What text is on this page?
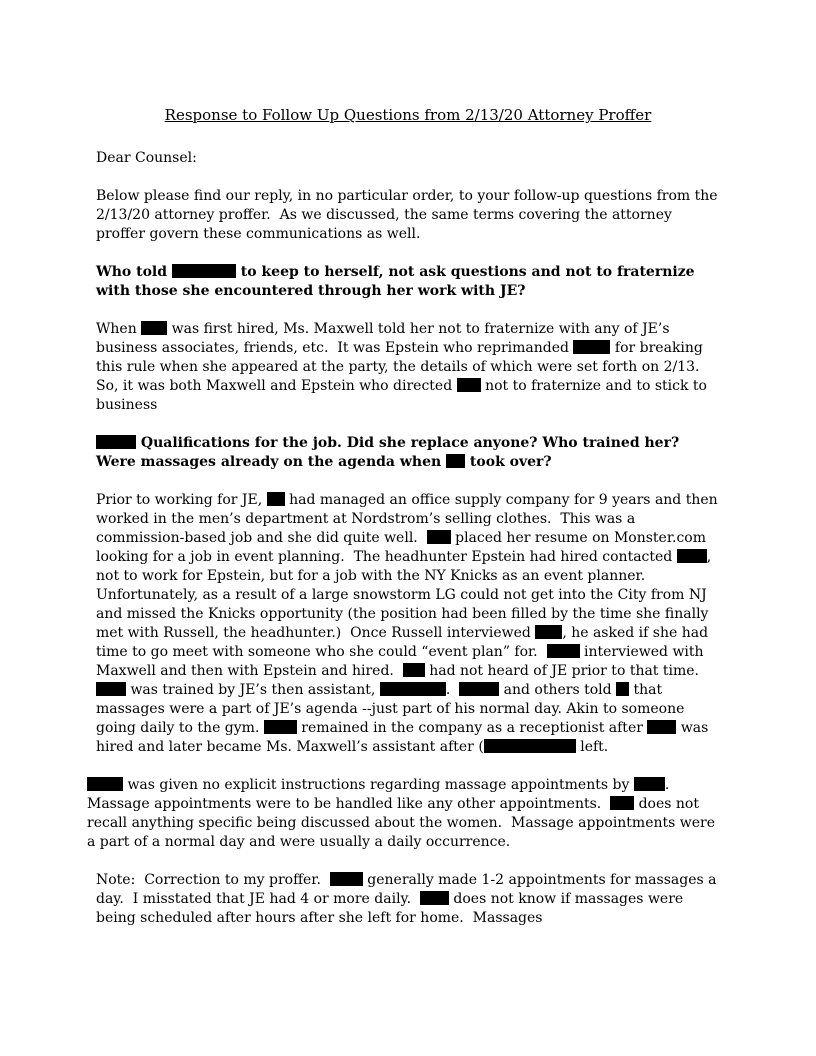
Response to Follow Up Questions from 2/13/20 Attorney Proffer

Dear Counsel:

Below please find our reply, in no particular order, to your follow-up questions from the 2/13/20 attorney proffer.  As we discussed, the same terms covering the attorney proffer govern these communications as well.

Who told	to keep to herself, not ask questions and not to fraternize with those she encountered through her work with JE?

When  was first hired, Ms. Maxwell told her not to fraternize with any of JE’s business associates, friends, etc.  It was Epstein who reprimanded	for breaking this rule when she appeared at the party, the details of which were set forth on 2/13.  So, it was both Maxwell and Epstein who directed  not to fraternize and to stick to business

Qualifications for the job. Did she replace anyone? Who trained her? Were massages already on the agenda when  took over?

Prior to working for JE,  had managed an office supply company for 9 years and then worked in the men’s department at Nordstrom’s selling clothes.  This was a commission-based job and she did quite well.   placed her resume on Monster.com looking for a job in event planning.  The headhunter Epstein had hired contacted , not to work for Epstein, but for a job with the NY Knicks as an event planner.  Unfortunately, as a result of a large snowstorm LG could not get into the City from NJ and missed the Knicks opportunity (the position had been filled by the time she finally met with Russell, the headhunter.)  Once Russell interviewed , he asked if she had time to go meet with someone who she could “event plan” for.   interviewed with Maxwell and then with Epstein and hired.   had not heard of JE prior to that time.   was trained by JE’s then assistant,	.	and others told  that massages were a part of JE’s agenda --just part of his normal day. Akin to someone going daily to the gym.  remained in the company as a receptionist after  was hired and later became Ms. Maxwell’s assistant after (	left.

was given no explicit instructions regarding massage appointments by . Massage appointments were to be handled like any other appointments.   does not recall anything specific being discussed about the women.  Massage appointments were a part of a normal day and were usually a daily occurrence.

Note:  Correction to my proffer.   generally made 1-2 appointments for massages a day.  I misstated that JE had 4 or more daily.   does not know if massages were being scheduled after hours after she left for home.  Massages
